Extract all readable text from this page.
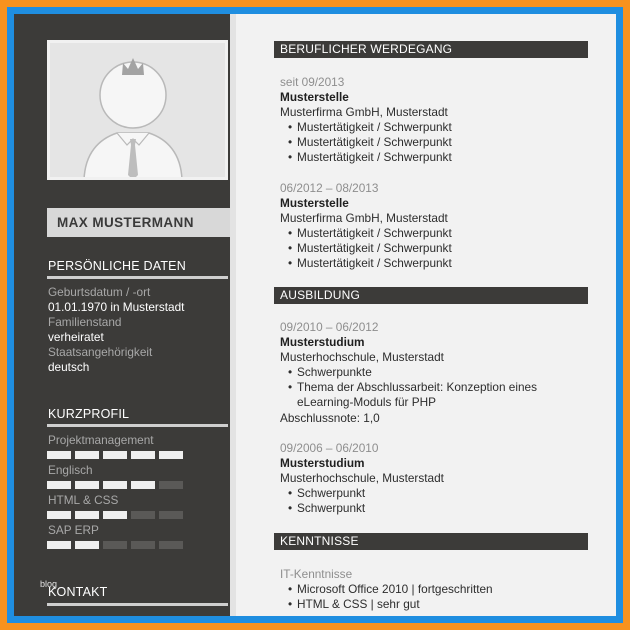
MAX MUSTERMANN
PERSÖNLICHE DATEN
Geburtsdatum / -ort
01.01.1970 in Musterstadt
Familienstand
verheiratet
Staatsangehörigkeit
deutsch
KURZPROFIL
Projektmanagement
Englisch
HTML & CSS
SAP ERP
blog
KONTAKT
BERUFLICHER WERDEGANG
seit 09/2013
Musterstelle
Musterfirma GmbH, Musterstadt
• Mustertätigkeit / Schwerpunkt
• Mustertätigkeit / Schwerpunkt
• Mustertätigkeit / Schwerpunkt
06/2012 – 08/2013
Musterstelle
Musterfirma GmbH, Musterstadt
• Mustertätigkeit / Schwerpunkt
• Mustertätigkeit / Schwerpunkt
• Mustertätigkeit / Schwerpunkt
AUSBILDUNG
09/2010 – 06/2012
Musterstudium
Musterhochschule, Musterstadt
• Schwerpunkte
• Thema der Abschlussarbeit: Konzeption eines eLearning-Moduls für PHP
Abschlussnote: 1,0
09/2006 – 06/2010
Musterstudium
Musterhochschule, Musterstadt
• Schwerpunkt
• Schwerpunkt
KENNTNISSE
IT-Kenntnisse
• Microsoft Office 2010 | fortgeschritten
• HTML & CSS | sehr gut
